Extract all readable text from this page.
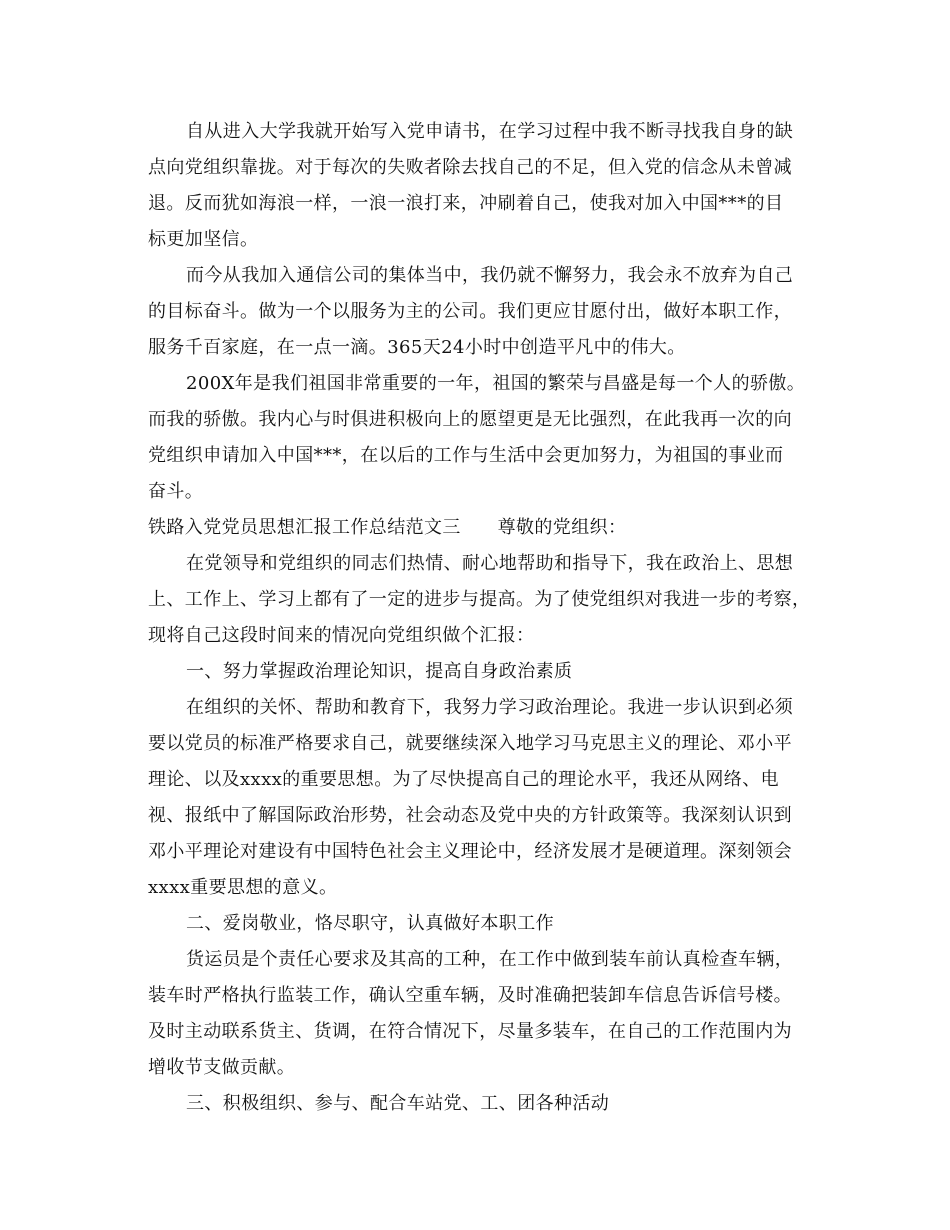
自从进入大学我就开始写入党申请书，在学习过程中我不断寻找我自身的缺
点向党组织靠拢。对于每次的失败者除去找自己的不足，但入党的信念从未曾减
退。反而犹如海浪一样，一浪一浪打来，冲刷着自己，使我对加入中国***的目
标更加坚信。
而今从我加入通信公司的集体当中，我仍就不懈努力，我会永不放弃为自己
的目标奋斗。做为一个以服务为主的公司。我们更应甘愿付出，做好本职工作，
服务千百家庭，在一点一滴。365天24小时中创造平凡中的伟大。
200X年是我们祖国非常重要的一年，祖国的繁荣与昌盛是每一个人的骄傲。
而我的骄傲。我内心与时俱进积极向上的愿望更是无比强烈，在此我再一次的向
党组织申请加入中国***，在以后的工作与生活中会更加努力，为祖国的事业而
奋斗。
铁路入党党员思想汇报工作总结范文三　　尊敬的党组织：
在党领导和党组织的同志们热情、耐心地帮助和指导下，我在政治上、思想
上、工作上、学习上都有了一定的进步与提高。为了使党组织对我进一步的考察，
现将自己这段时间来的情况向党组织做个汇报：
一、努力掌握政治理论知识，提高自身政治素质
在组织的关怀、帮助和教育下，我努力学习政治理论。我进一步认识到必须
要以党员的标准严格要求自己，就要继续深入地学习马克思主义的理论、邓小平
理论、以及xxxx的重要思想。为了尽快提高自己的理论水平，我还从网络、电
视、报纸中了解国际政治形势，社会动态及党中央的方针政策等。我深刻认识到
邓小平理论对建设有中国特色社会主义理论中，经济发展才是硬道理。深刻领会
xxxx重要思想的意义。
二、爱岗敬业，恪尽职守，认真做好本职工作
货运员是个责任心要求及其高的工种，在工作中做到装车前认真检查车辆，
装车时严格执行监装工作，确认空重车辆，及时准确把装卸车信息告诉信号楼。
及时主动联系货主、货调，在符合情况下，尽量多装车，在自己的工作范围内为
增收节支做贡献。
三、积极组织、参与、配合车站党、工、团各种活动
